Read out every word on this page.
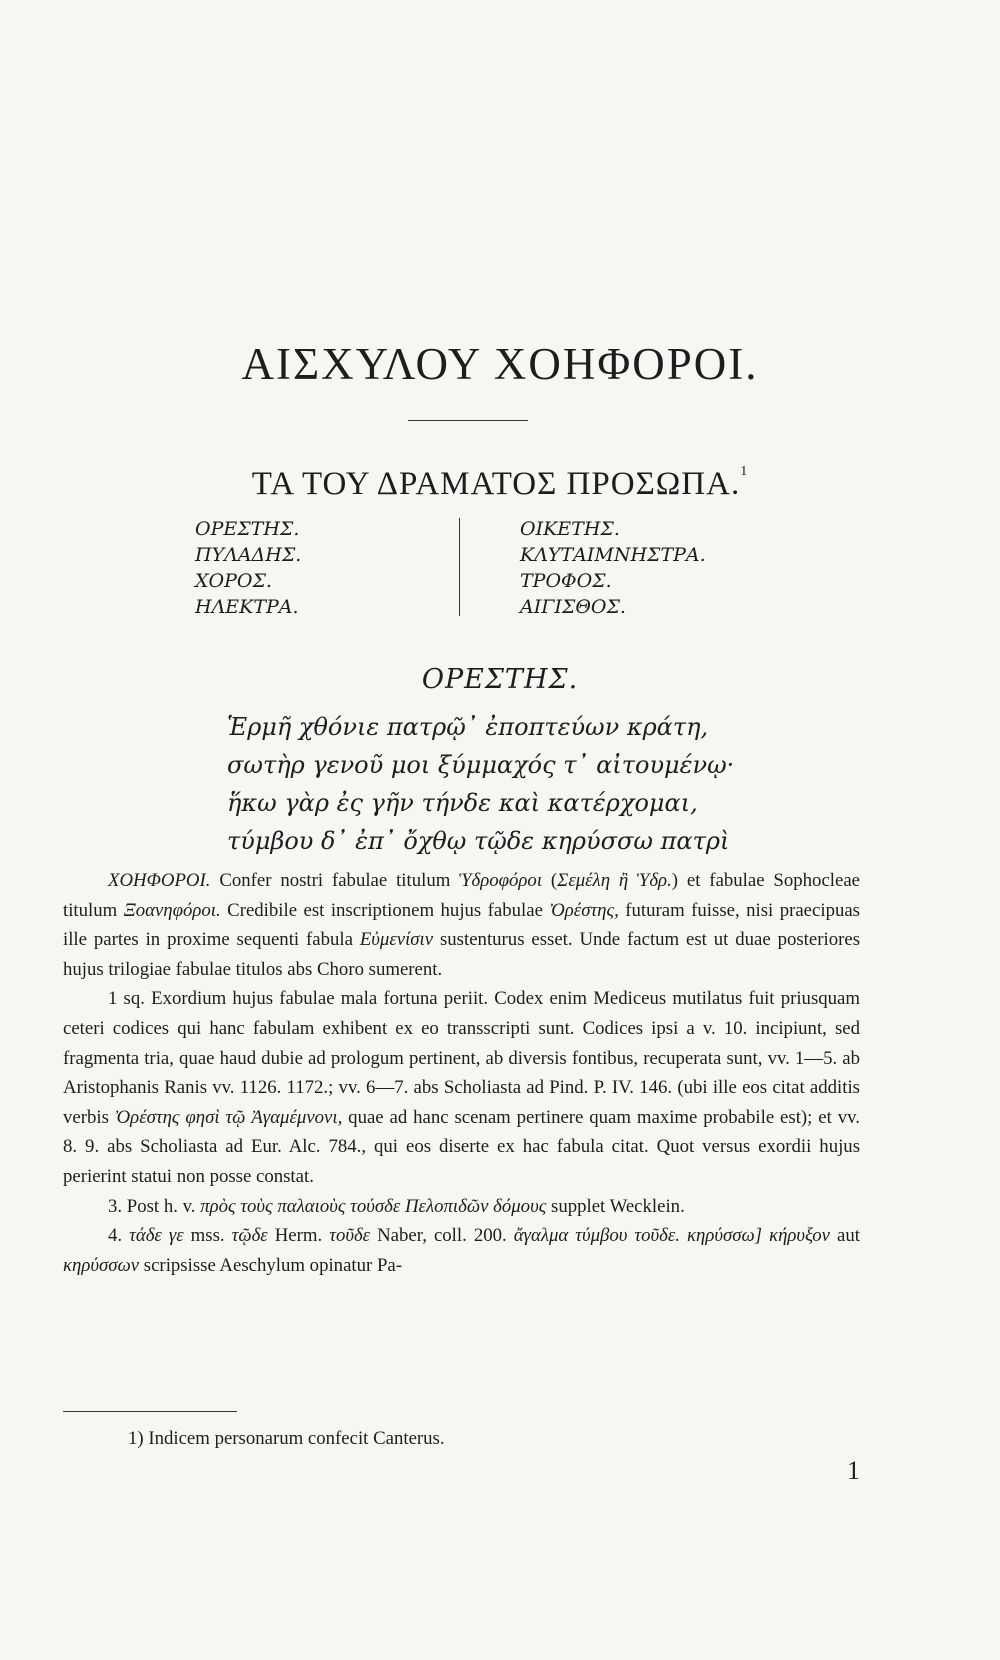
ΑΙΣΧΥΛΟΥ ΧΟΗΦΟΡΟΙ.
ΤΑ ΤΟΥ ΔΡΑΜΑΤΟΣ ΠΡΟΣΩΠΑ.$^1$
ΟΡΕΣΤΗΣ.
ΠΥΛΑΔΗΣ.
ΧΟΡΟΣ.
ΗΛΕΚΤΡΑ.
ΟΙΚΕΤΗΣ.
ΚΛΥΤΑΙΜΝΗΣΤΡΑ.
ΤΡΟΦΟΣ.
ΑΙΓΙΣΘΟΣ.
ΟΡΕΣΤΗΣ.
Ἑρμῆ χθόνιε πατρῷ᾽ ἐποπτεύων κράτη,
σωτὴρ γενοῦ μοι ξύμμαχός τ᾽ αἰτουμένῳ·
ἥκω γὰρ ἐς γῆν τήνδε καὶ κατέρχομαι,
τύμβου δ᾽ ἐπ᾽ ὄχθῳ τῷδε κηρύσσω πατρὶ

ΧΟΗΦΟΡΟΙ. Confer nostri fabulae titulum Ὑδροφόροι (Σεμέλη ἢ Ὑδρ.) et fabulae Sophocleae titulum Ξοανηφόροι. Credibile est inscriptionem hujus fabulae Ὀρέστης, futuram fuisse, nisi praecipuas ille partes in proxime sequenti fabula Εὐμενίσιν sustenturus esset. Unde factum est ut duae posteriores hujus trilogiae fabulae titulos abs Choro sumerent.

1 sq. Exordium hujus fabulae mala fortuna periit. Codex enim Mediceus mutilatus fuit priusquam ceteri codices qui hanc fabulam exhibent ex eo transscripti sunt. Codices ipsi a v. 10. incipiunt, sed fragmenta tria, quae haud dubie ad prologum pertinent, ab diversis fontibus, recuperata sunt, vv. 1—5. ab Aristophanis Ranis vv. 1126. 1172.; vv. 6—7. abs Scholiasta ad Pind. P. IV. 146. (ubi ille eos citat additis verbis Ὀρέστης φησὶ τῷ Ἀγαμέμνονι, quae ad hanc scenam pertinere quam maxime probabile est); et vv. 8. 9. abs Scholiasta ad Eur. Alc. 784., qui eos diserte ex hac fabula citat. Quot versus exordii hujus perierint statui non posse constat.

3. Post h. v. πρὸς τοὺς παλαιοὺς τούσδε Πελοπιδῶν δόμους supplet Wecklein.

4. τάδε γε mss. τῷδε Herm. τοῦδε Naber, coll. 200. ἄγαλμα τύμβου τοῦδε. κηρύσσω] κήρυξον aut κηρύσσων scripsisse Aeschylum opinatur Pa-

1) Indicem personarum confecit Canterus.
1
